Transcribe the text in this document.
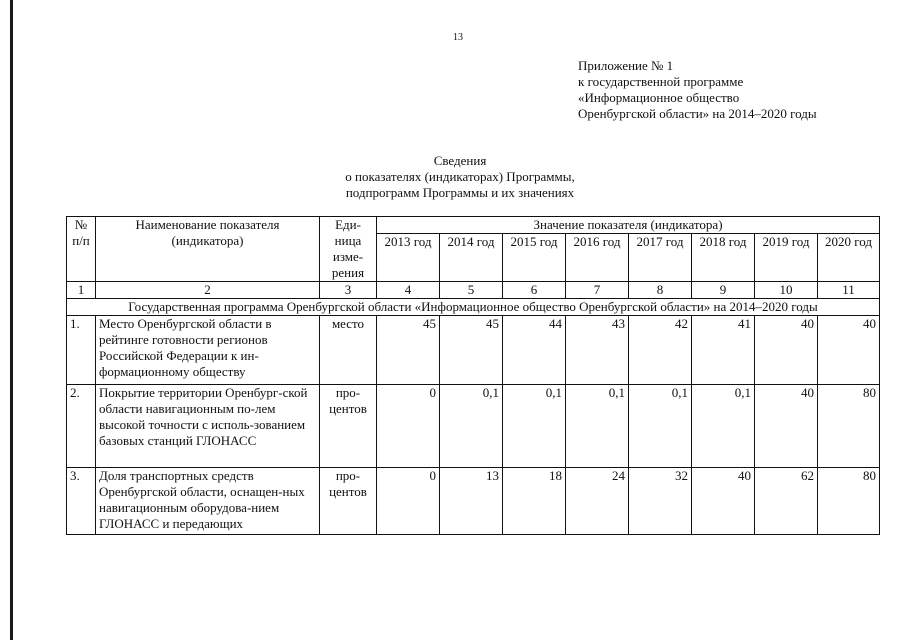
13
Приложение № 1
к государственной программе
«Информационное общество
Оренбургской области» на 2014–2020 годы
Сведения
о показателях (индикаторах) Программы,
подпрограмм Программы и их значениях
№ п/п	Наименование показателя (индикатора)	Еди-ница изме-рения	Значение показателя (индикатора)							
			2013 год	2014 год	2015 год	2016 год	2017 год	2018 год	2019 год	2020 год
1	2	3	4	5	6	7	8	9	10	11
Государственная программа Оренбургской области «Информационное общество Оренбургской области» на 2014–2020 годы										
1.	Место Оренбургской области в рейтинге готовности регионов Российской Федерации к ин-формационному обществу	место	45	45	44	43	42	41	40	40
2.	Покрытие территории Оренбург-ской области навигационным по-лем высокой точности с исполь-зованием базовых станций ГЛОНАСС	про-центов	0	0,1	0,1	0,1	0,1	0,1	40	80
3.	Доля транспортных средств Оренбургской области, оснащен-ных навигационным оборудова-нием ГЛОНАСС и передающих	про-центов	0	13	18	24	32	40	62	80
